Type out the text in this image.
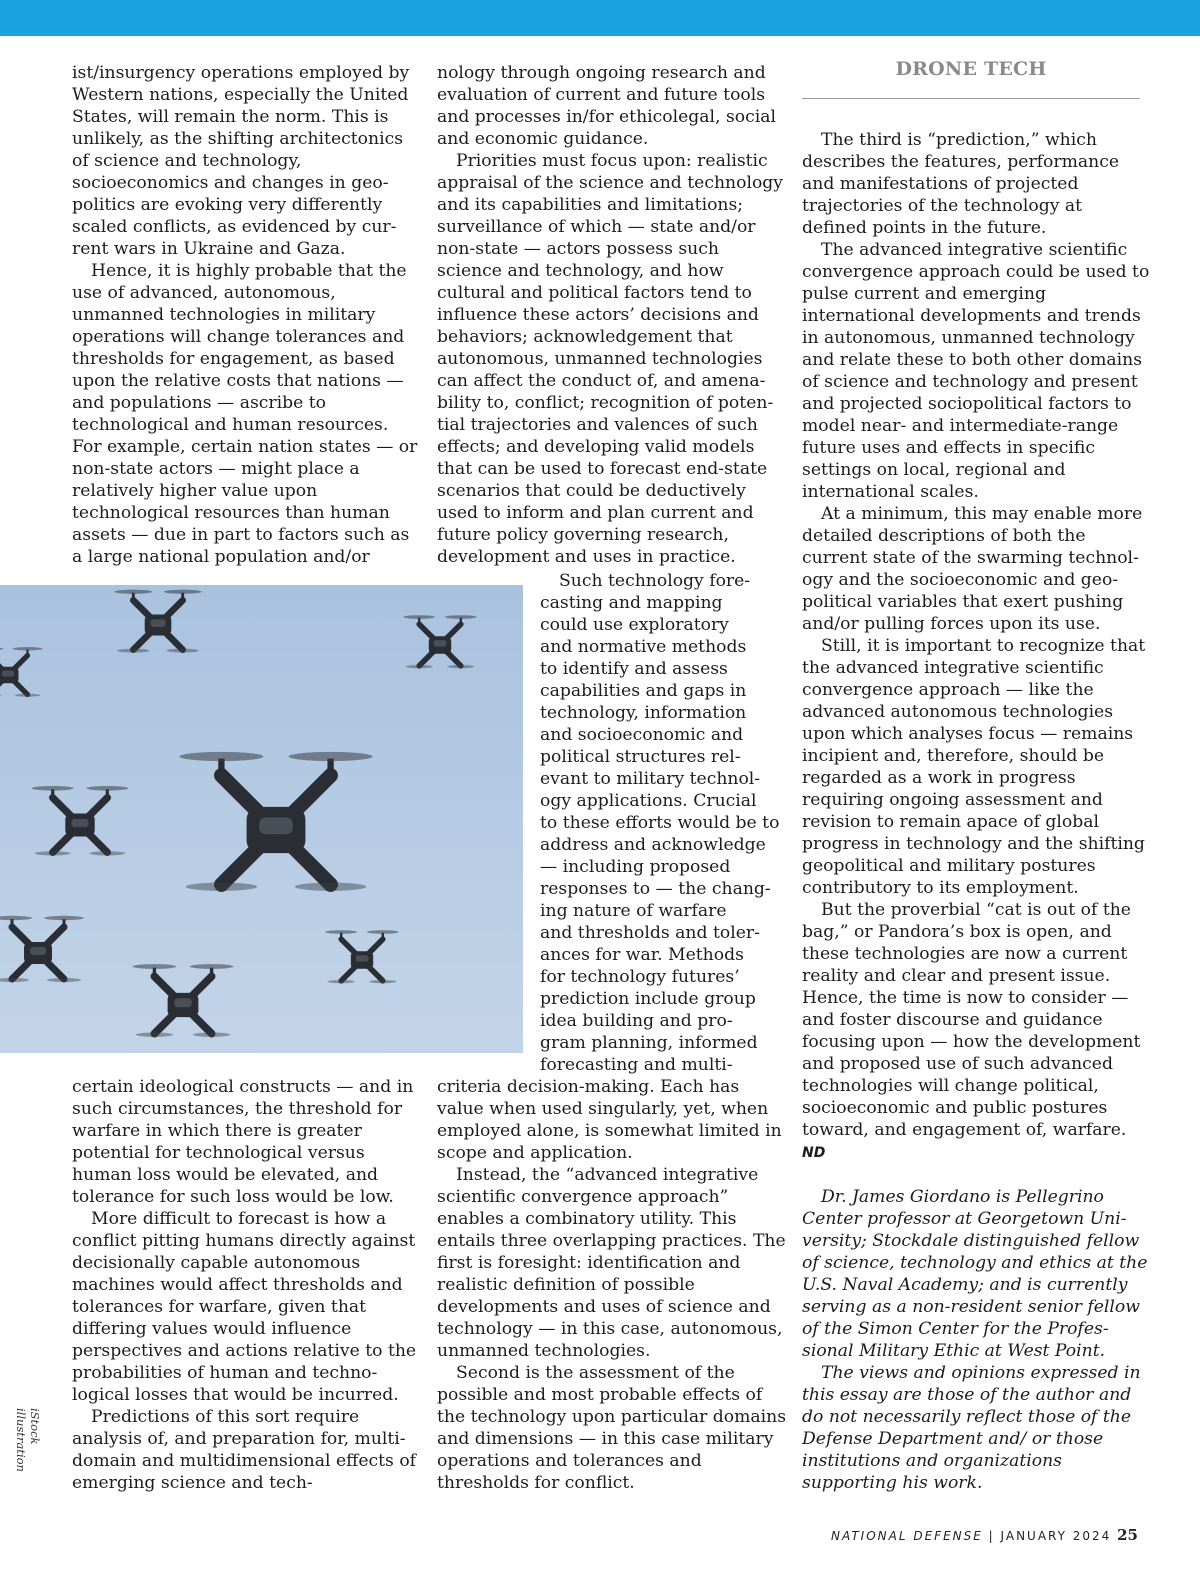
ist/insurgency operations employed by Western nations, especially the United States, will remain the norm. This is unlikely, as the shifting architectonics of science and technology, socioeconomics and changes in geopolitics are evoking very differently scaled conflicts, as evidenced by current wars in Ukraine and Gaza.

Hence, it is highly probable that the use of advanced, autonomous, unmanned technologies in military operations will change tolerances and thresholds for engagement, as based upon the relative costs that nations — and populations — ascribe to technological and human resources. For example, certain nation states — or non-state actors — might place a relatively higher value upon technological resources than human assets — due in part to factors such as a large national population and/or

certain ideological constructs — and in such circumstances, the threshold for warfare in which there is greater potential for technological versus human loss would be elevated, and tolerance for such loss would be low.

More difficult to forecast is how a conflict pitting humans directly against decisionally capable autonomous machines would affect thresholds and tolerances for warfare, given that differing values would influence perspectives and actions relative to the probabilities of human and technological losses that would be incurred.

Predictions of this sort require analysis of, and preparation for, multi-domain and multidimensional effects of emerging science and tech-

nology through ongoing research and evaluation of current and future tools and processes in/for ethicolegal, social and economic guidance.

Priorities must focus upon: realistic appraisal of the science and technology and its capabilities and limitations; surveillance of which — state and/or non-state — actors possess such science and technology, and how cultural and political factors tend to influence these actors’ decisions and behaviors; acknowledgement that autonomous, unmanned technologies can affect the conduct of, and amenability to, conflict; recognition of potential trajectories and valences of such effects; and developing valid models that can be used to forecast end-state scenarios that could be deductively used to inform and plan current and future policy governing research, development and uses in practice.

Such technology fore-
casting and mapping
could use exploratory
and normative methods
to identify and assess
capabilities and gaps in
technology, information
and socioeconomic and
political structures rel-
evant to military technol-
ogy applications. Crucial
to these efforts would be to
address and acknowledge
— including proposed
responses to — the chang-
ing nature of warfare
and thresholds and toler-
ances for war. Methods
for technology futures’
prediction include group
idea building and pro-
gram planning, informed
forecasting and multi-

criteria decision-making. Each has value when used singularly, yet, when employed alone, is somewhat limited in scope and application.

Instead, the “advanced integrative scientific convergence approach” enables a combinatory utility. This entails three overlapping practices. The first is foresight: identification and realistic definition of possible developments and uses of science and technology — in this case, autonomous, unmanned technologies.

Second is the assessment of the possible and most probable effects of the technology upon particular domains and dimensions — in this case military operations and tolerances and thresholds for conflict.

DRONE TECH

The third is “prediction,” which describes the features, performance and manifestations of projected trajectories of the technology at defined points in the future.

The advanced integrative scientific convergence approach could be used to pulse current and emerging international developments and trends in autonomous, unmanned technology and relate these to both other domains of science and technology and present and projected sociopolitical factors to model near- and intermediate-range future uses and effects in specific settings on local, regional and international scales.

At a minimum, this may enable more detailed descriptions of both the current state of the swarming technology and the socioeconomic and geopolitical variables that exert pushing and/or pulling forces upon its use.

Still, it is important to recognize that the advanced integrative scientific convergence approach — like the advanced autonomous technologies upon which analyses focus — remains incipient and, therefore, should be regarded as a work in progress requiring ongoing assessment and revision to remain apace of global progress in technology and the shifting geopolitical and military postures contributory to its employment.

But the proverbial “cat is out of the bag,” or Pandora’s box is open, and these technologies are now a current reality and clear and present issue. Hence, the time is now to consider — and foster discourse and guidance focusing upon — how the development and proposed use of such advanced technologies will change political, socioeconomic and public postures toward, and engagement of, warfare. ND

Dr. James Giordano is Pellegrino Center professor at Georgetown University; Stockdale distinguished fellow of science, technology and ethics at the U.S. Naval Academy; and is currently serving as a non-resident senior fellow of the Simon Center for the Professional Military Ethic at West Point.

The views and opinions expressed in this essay are those of the author and do not necessarily reflect those of the Defense Department and/ or those institutions and organizations supporting his work.

iStock illustration
NATIONAL DEFENSE | JANUARY 2024 25
